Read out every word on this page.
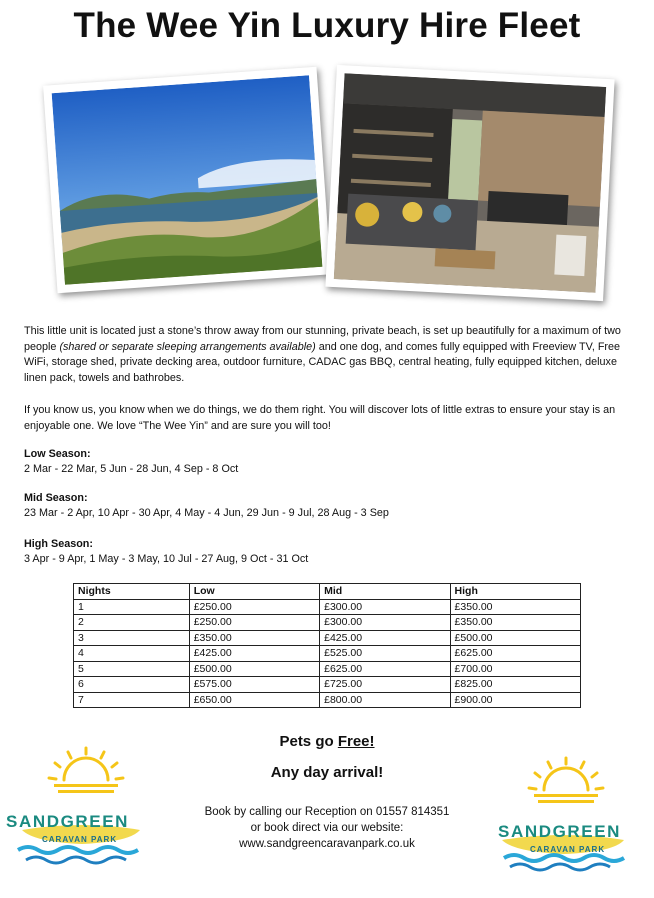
The Wee Yin Luxury Hire Fleet

This little unit is located just a stone’s throw away from our stunning, private beach, is set up beautifully for a maximum of two people (shared or separate sleeping arrangements available) and one dog, and comes fully equipped with Freeview TV, Free WiFi, storage shed, private decking area, outdoor furniture, CADAC gas BBQ, central heating, fully equipped kitchen, deluxe linen pack, towels and bathrobes.

If you know us, you know when we do things, we do them right. You will discover lots of little extras to ensure your stay is an enjoyable one. We love “The Wee Yin” and are sure you will too!

Low Season:
2 Mar - 22 Mar, 5 Jun - 28 Jun, 4 Sep - 8 Oct
Mid Season:
23 Mar - 2 Apr, 10 Apr - 30 Apr, 4 May - 4 Jun, 29 Jun - 9 Jul, 28 Aug - 3 Sep
High Season:
3 Apr - 9 Apr, 1 May - 3 May, 10 Jul - 27 Aug, 9 Oct - 31 Oct
Nights	Low	Mid	High
1	£250.00	£300.00	£350.00
2	£250.00	£300.00	£350.00
3	£350.00	£425.00	£500.00
4	£425.00	£525.00	£625.00
5	£500.00	£625.00	£700.00
6	£575.00	£725.00	£825.00
7	£650.00	£800.00	£900.00
Pets go Free!
Any day arrival!
Book by calling our Reception on 01557 814351
or book direct via our website:
www.sandgreencaravanpark.co.uk
SANDGREEN
CARAVAN PARK	SANDGREEN
CARAVAN PARK
